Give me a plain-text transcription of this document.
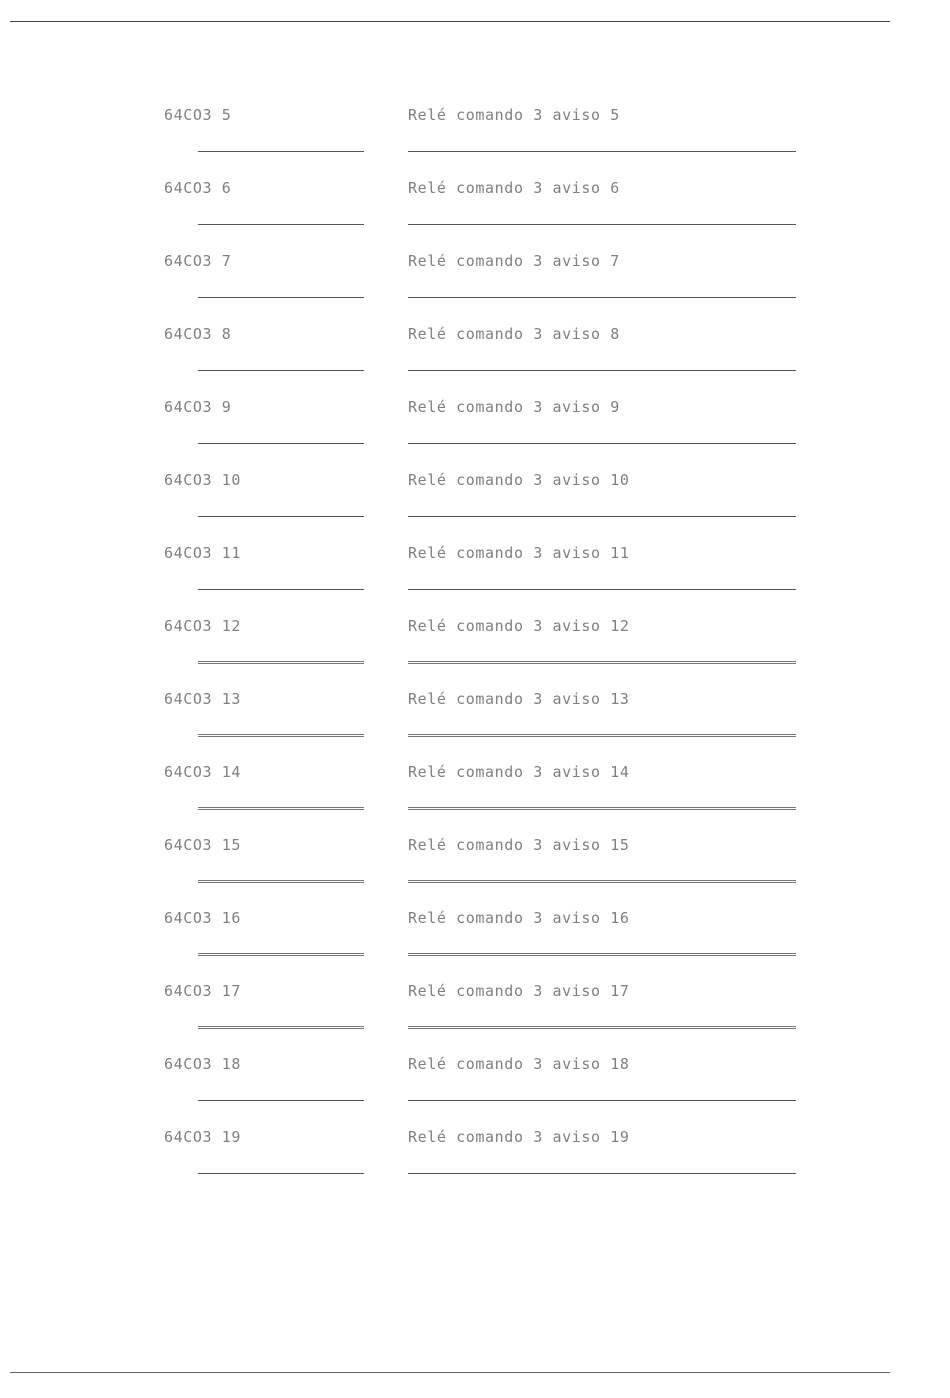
64CO3 5	Relé comando 3 aviso 5
64CO3 6	Relé comando 3 aviso 6
64CO3 7	Relé comando 3 aviso 7
64CO3 8	Relé comando 3 aviso 8
64CO3 9	Relé comando 3 aviso 9
64CO3 10	Relé comando 3 aviso 10
64CO3 11	Relé comando 3 aviso 11
64CO3 12	Relé comando 3 aviso 12
64CO3 13	Relé comando 3 aviso 13
64CO3 14	Relé comando 3 aviso 14
64CO3 15	Relé comando 3 aviso 15
64CO3 16	Relé comando 3 aviso 16
64CO3 17	Relé comando 3 aviso 17
64CO3 18	Relé comando 3 aviso 18
64CO3 19	Relé comando 3 aviso 19
